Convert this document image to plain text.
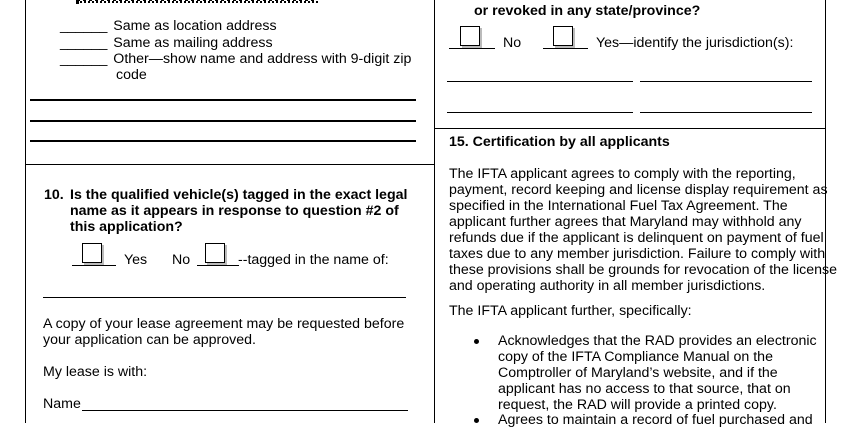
______ Same as location address
______ Same as mailing address
______ Other—show name and address with 9-digit zip
code
10. Is the qualified vehicle(s) tagged in the exact legal
name as it appears in response to question #2 of
this application?
Yes No	--tagged in the name of:
A copy of your lease agreement may be requested before
your application can be approved.
My lease is with:
Name
or revoked in any state/province?
No	Yes—identify the jurisdiction(s):
15. Certification by all applicants
The IFTA applicant agrees to comply with the reporting,
payment, record keeping and license display requirement as
specified in the International Fuel Tax Agreement. The
applicant further agrees that Maryland may withhold any
refunds due if the applicant is delinquent on payment of fuel
taxes due to any member jurisdiction. Failure to comply with
these provisions shall be grounds for revocation of the license
and operating authority in all member jurisdictions.
The IFTA applicant further, specifically:
Acknowledges that the RAD provides an electronic
copy of the IFTA Compliance Manual on the
Comptroller of Maryland’s website, and if the
applicant has no access to that source, that on
request, the RAD will provide a printed copy.
Agrees to maintain a record of fuel purchased and
